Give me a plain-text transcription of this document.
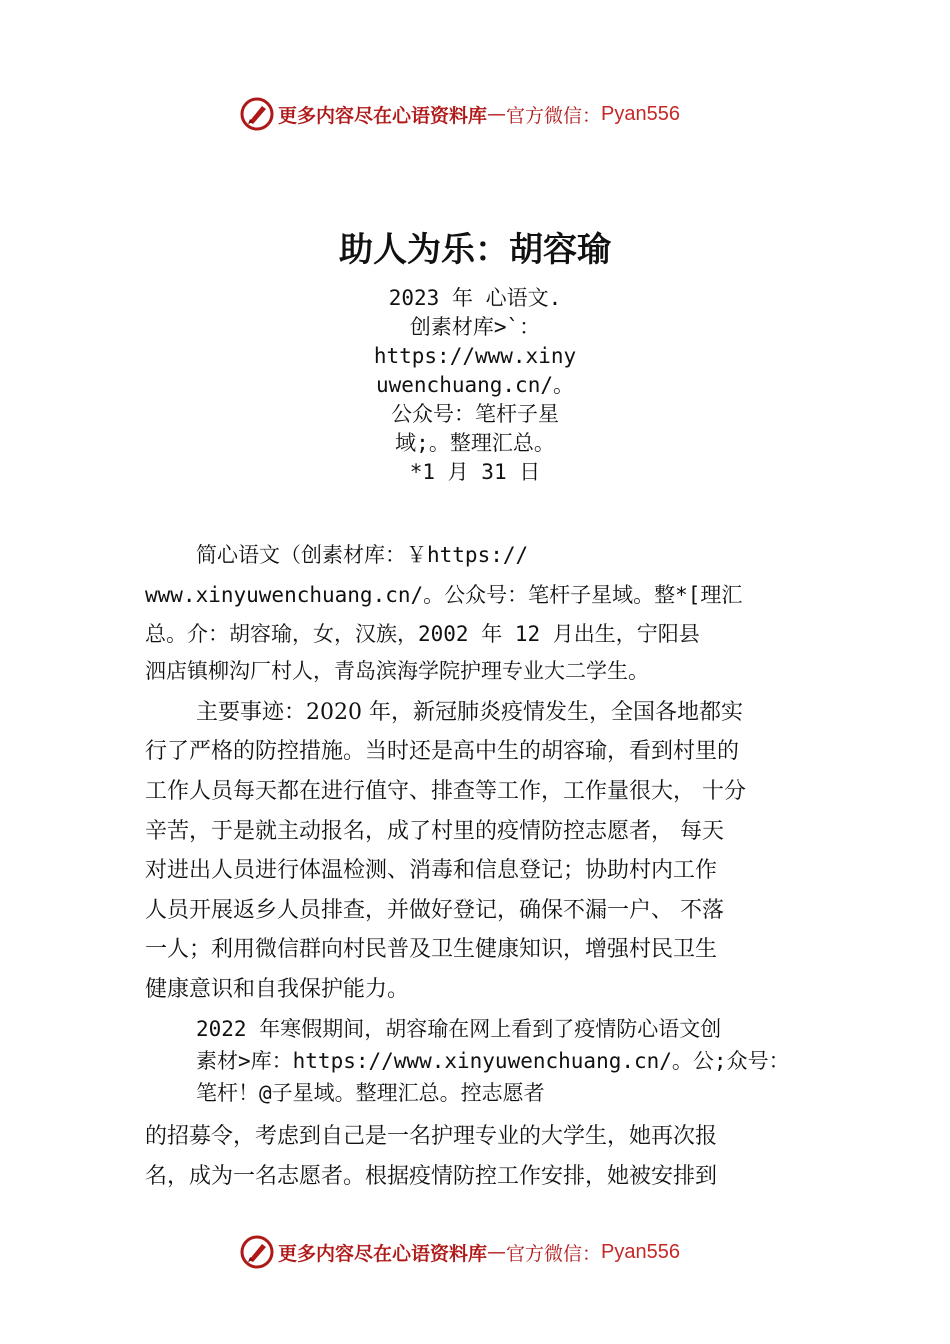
更多内容尽在心语资料库 — 官方微信： Pyan556
助人为乐：胡容瑜
2023 年 心语文.
创素材库>`：
https://www.xiny
uwenchuang.cn/。
公众号：笔杆子星
域;。整理汇总。
*1 月 31 日
简心语文（创素材库：￥https://
www.xinyuwenchuang.cn/。公众号：笔杆子星域。整*[理汇
总。介：胡容瑜，女，汉族，2002 年 12 月出生，宁阳县
泗店镇柳沟厂村人，青岛滨海学院护理专业大二学生。
主要事迹：2020 年，新冠肺炎疫情发生，全国各地都实
行了严格的防控措施。当时还是高中生的胡容瑜，看到村里的
工作人员每天都在进行值守、排查等工作，工作量很大， 十分
辛苦，于是就主动报名，成了村里的疫情防控志愿者， 每天
对进出人员进行体温检测、消毒和信息登记；协助村内工作
人员开展返乡人员排查，并做好登记，确保不漏一户、 不落
一人；利用微信群向村民普及卫生健康知识，增强村民卫生
健康意识和自我保护能力。
2022 年寒假期间，胡容瑜在网上看到了疫情防心语文创
素材>库：https://www.xinyuwenchuang.cn/。公;众号：
笔杆！@子星域。整理汇总。控志愿者
的招募令，考虑到自己是一名护理专业的大学生，她再次报
名，成为一名志愿者。根据疫情防控工作安排，她被安排到
更多内容尽在心语资料库 — 官方微信： Pyan556
